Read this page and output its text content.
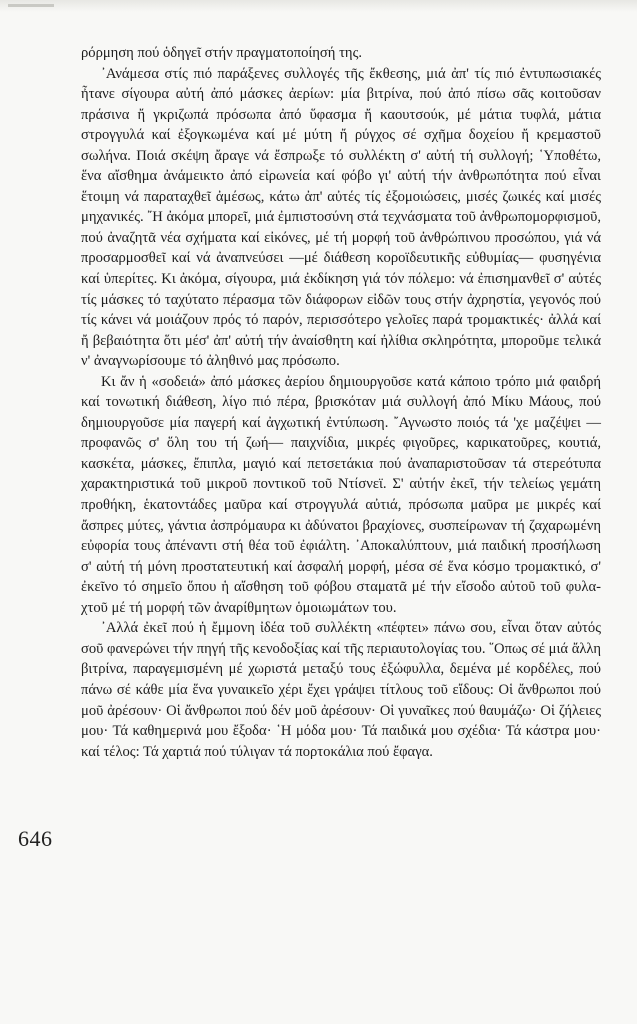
ρόρμηση πού ὁδηγεῖ στήν πραγματοποίησή της.

᾿Ανάμεσα στίς πιό παράξενες συλλογές τῆς ἔκθεσης, μιά ἀπ' τίς πιό ἐντυπωσιακές ἦτανε σίγουρα αὐτή ἀπό μάσκες ἀερίων: μία βιτρίνα, πού ἀπό πίσω σᾶς κοιτοῦσαν πράσινα ἤ γκριζωπά πρόσωπα ἀπό ὕφασμα ἤ καουτσούκ, μέ μάτια τυφλά, μάτια στρογγυλά καί ἐξογκωμένα καί μέ μύτη ἤ ρύγχος σέ σχῆμα δοχείου ἤ κρεμαστοῦ σωλήνα. Ποιά σκέψη ἄραγε νά ἔσπρωξε τό συλλέκτη σ' αὐτή τή συλλογή; ῾Υποθέτω, ἕνα αἴσθημα ἀνάμεικτο ἀπό εἰρωνεία καί φόβο γι' αὐτή τήν ἀνθρωπότητα πού εἶναι ἕτοιμη νά παραταχθεῖ ἀμέσως, κάτω ἀπ' αὐτές τίς ἐξομοιώσεις, μισές ζωικές καί μισές μηχανικές. ῎Η ἀκόμα μπορεῖ, μιά ἐμπιστοσύνη στά τεχνάσματα τοῦ ἀνθρωπομορφισμοῦ, πού ἀναζητᾶ νέα σχήματα καί εἰκόνες, μέ τή μορφή τοῦ ἀνθρώπινου προσώπου, γιά νά προσαρμοσθεῖ καί νά ἀναπνεύσει —μέ διάθεση κοροϊδευτικῆς εὐθυμίας— φυσηγένια καί ὑπερίτες. Κι ἀκόμα, σίγουρα, μιά ἐκδίκηση γιά τόν πόλεμο: νά ἐπισημανθεῖ σ' αὐτές τίς μάσκες τό ταχύτατο πέρασμα τῶν διάφορων εἰδῶν τους στήν ἀχρηστία, γεγονός πού τίς κάνει νά μοιάζουν πρός τό παρόν, περισσότερο γελοῖες παρά τρομακτικές· ἀλλά καί ἤ βεβαιότητα ὅτι μέσ' ἀπ' αὐτή τήν ἀναίσθητη καί ἠλίθια σκληρότητα, μποροῦμε τελικά ν' ἀναγνωρίσουμε τό ἀληθινό μας πρόσωπο.

Κι ἄν ἡ «σοδειά» ἀπό μάσκες ἀερίου δημιουργοῦσε κατά κάποιο τρόπο μιά φαιδρή καί τονωτική διάθεση, λίγο πιό πέρα, βρισκόταν μιά συλλογή ἀπό Μίκυ Μάους, πού δημιουργοῦσε μία παγερή καί ἀγχωτική ἐντύπωση. ῎Αγνωστο ποιός τά 'χε μαζέψει —προφανῶς σ' ὅλη του τή ζωή— παιχνίδια, μικρές φιγοῦρες, καρικατοῦρες, κουτιά, κασκέτα, μάσκες, ἔπιπλα, μαγιό καί πετσετάκια πού ἀναπαριστοῦσαν τά στερεότυπα χαρακτηριστικά τοῦ μικροῦ ποντικοῦ τοῦ Ντίσνεϊ. Σ' αὐτήν ἐκεῖ, τήν τελείως γεμάτη προθήκη, ἑκατοντάδες μαῦρα καί στρογγυλά αὐτιά, πρόσωπα μαῦρα με μικρές καί ἄσπρες μύτες, γάντια ἀσπρόμαυρα κι ἀδύνατοι βραχίονες, συσπείρωναν τή ζαχαρωμένη εὐφορία τους ἀπέναντι στή θέα τοῦ ἐφιάλτη. ᾿Αποκαλύπτουν, μιά παιδική προσήλωση σ' αὐτή τή μόνη προστατευτική καί ἀσφαλή μορφή, μέσα σέ ἕνα κόσμο τρομακτικό, σ' ἐκεῖνο τό σημεῖο ὅπου ἡ αἴσθηση τοῦ φόβου σταματᾶ μέ τήν εἴσοδο αὐτοῦ τοῦ φυλαχτοῦ μέ τή μορφή τῶν ἀναρίθμητων ὁμοιωμάτων του.

᾿Αλλά ἐκεῖ πού ἡ ἔμμονη ἰδέα τοῦ συλλέκτη «πέφτει» πάνω σου, εἶναι ὅταν αὐτός σοῦ φανερώνει τήν πηγή τῆς κενοδοξίας καί τῆς περιαυτολογίας του. ῞Οπως σέ μιά ἄλλη βιτρίνα, παραγεμισμένη μέ χωριστά μεταξύ τους ἐξώφυλλα, δεμένα μέ κορδέλες, πού πάνω σέ κάθε μία ἕνα γυναικεῖο χέρι ἔχει γράψει τίτλους τοῦ εἴδους: Οἱ ἄνθρωποι πού μοῦ ἀρέσουν· Οἱ ἄνθρωποι πού δέν μοῦ ἀρέσουν· Οἱ γυναῖκες πού θαυμάζω· Οἱ ζήλειες μου· Τά καθημερινά μου ἔξοδα· ῾Η μόδα μου· Τά παιδικά μου σχέδια· Τά κάστρα μου· καί τέλος: Τά χαρτιά πού τύλιγαν τά πορτοκάλια πού ἔφαγα.

646
